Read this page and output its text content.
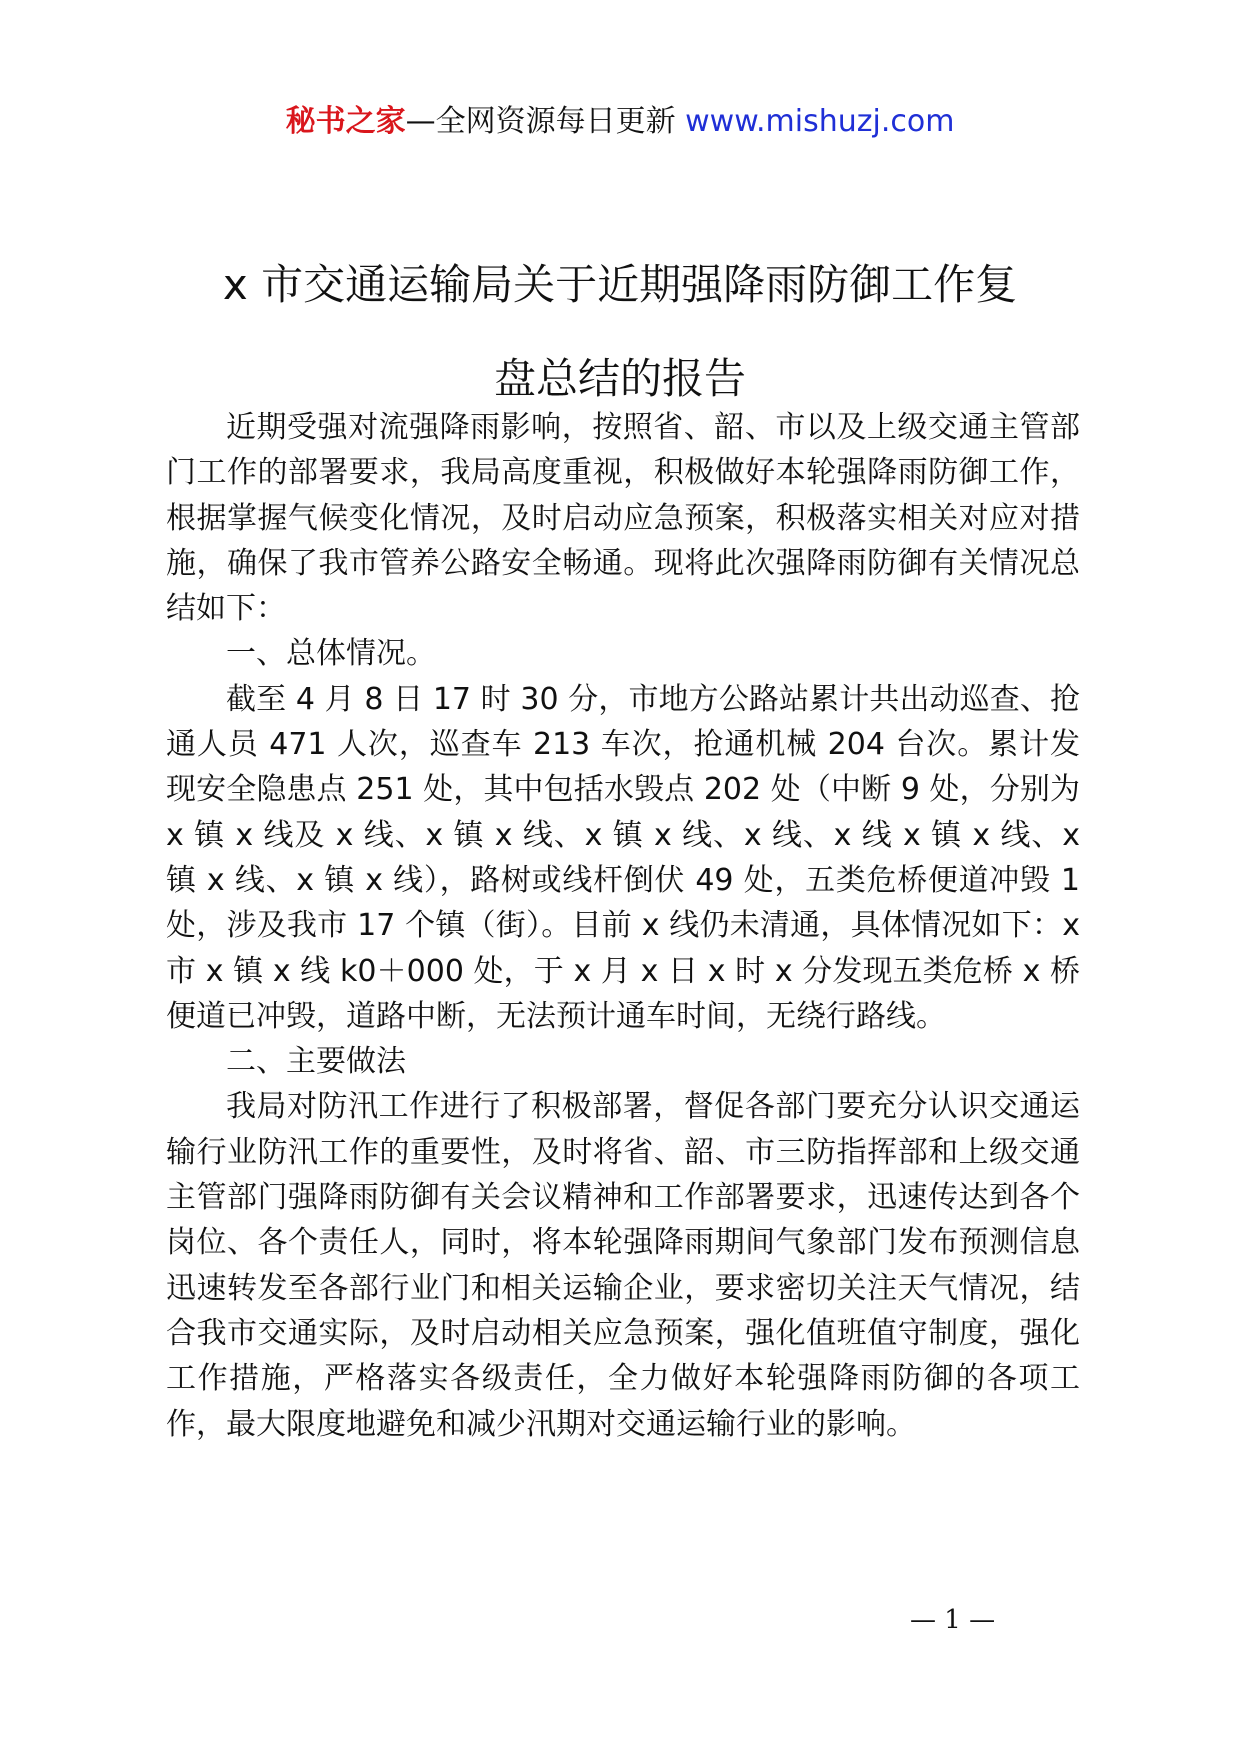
秘书之家—全网资源每日更新 www.mishuzj.com
x 市交通运输局关于近期强降雨防御工作复
盘总结的报告

近期受强对流强降雨影响，按照省、韶、市以及上级交通主管部门工作的部署要求，我局高度重视，积极做好本轮强降雨防御工作，根据掌握气候变化情况，及时启动应急预案，积极落实相关对应对措施，确保了我市管养公路安全畅通。现将此次强降雨防御有关情况总结如下：

一、总体情况。

截至 4 月 8 日 17 时 30 分，市地方公路站累计共出动巡查、抢通人员 471 人次，巡查车 213 车次，抢通机械 204 台次。累计发现安全隐患点 251 处，其中包括水毁点 202 处（中断 9 处，分别为 x 镇 x 线及 x 线、x 镇 x 线、x 镇 x 线、x 线、x 线 x 镇 x 线、x 镇 x 线、x 镇 x 线），路树或线杆倒伏 49 处，五类危桥便道冲毁 1 处，涉及我市 17 个镇（街）。目前 x 线仍未清通，具体情况如下：x 市 x 镇 x 线 k0＋000 处，于 x 月 x 日 x 时 x 分发现五类危桥 x 桥便道已冲毁，道路中断，无法预计通车时间，无绕行路线。

二、主要做法

我局对防汛工作进行了积极部署，督促各部门要充分认识交通运输行业防汛工作的重要性，及时将省、韶、市三防指挥部和上级交通主管部门强降雨防御有关会议精神和工作部署要求，迅速传达到各个岗位、各个责任人，同时，将本轮强降雨期间气象部门发布预测信息迅速转发至各部行业门和相关运输企业，要求密切关注天气情况，结合我市交通实际，及时启动相关应急预案，强化值班值守制度，强化工作措施，严格落实各级责任，全力做好本轮强降雨防御的各项工作，最大限度地避免和减少汛期对交通运输行业的影响。

— 1 —
